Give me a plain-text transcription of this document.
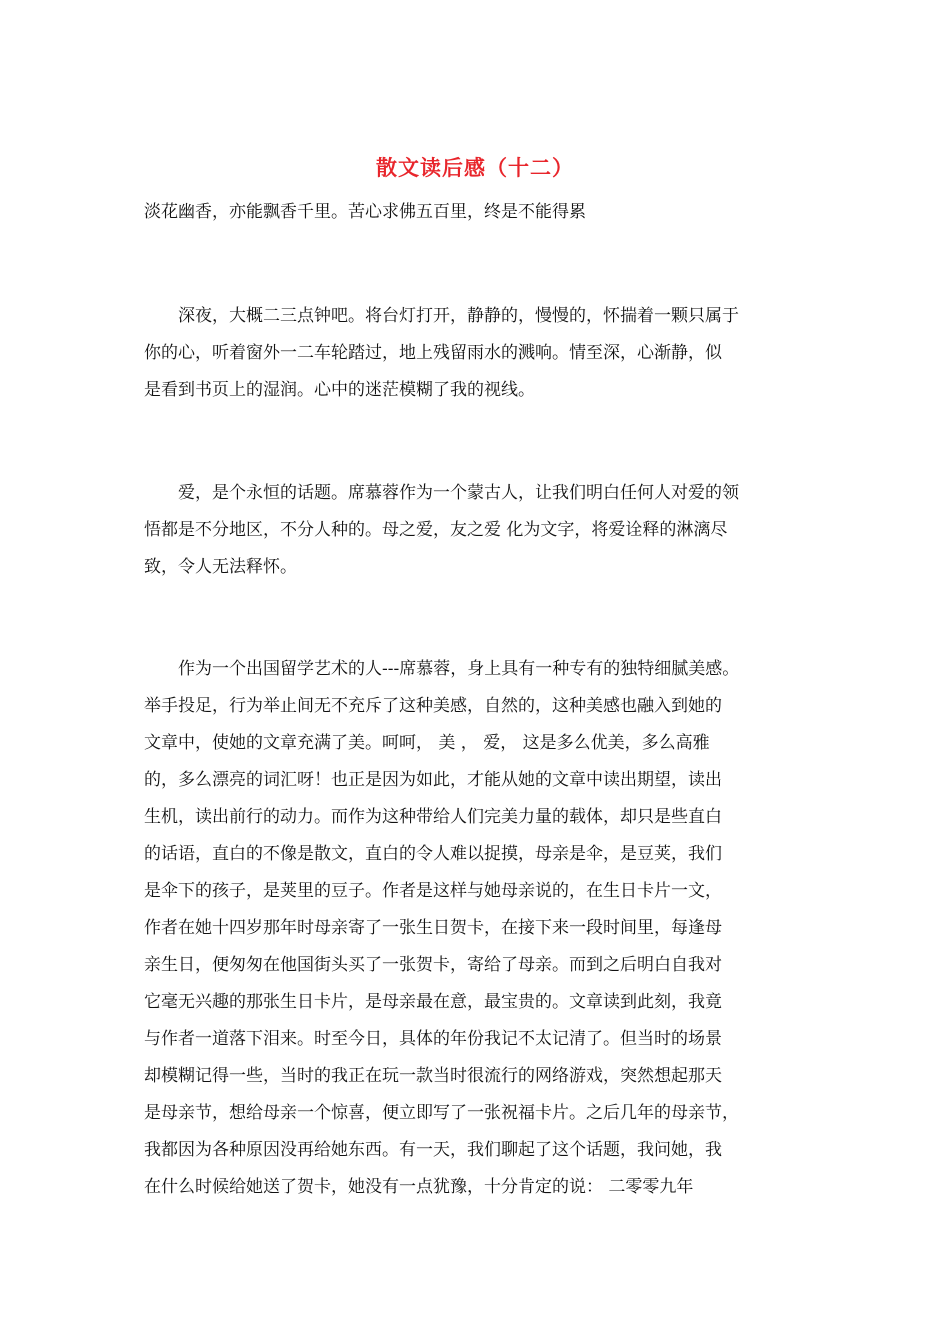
散文读后感（十二）
淡花幽香，亦能飘香千里。苦心求佛五百里，终是不能得累
　　深夜，大概二三点钟吧。将台灯打开，静静的，慢慢的，怀揣着一颗只属于
你的心，听着窗外一二车轮踏过，地上残留雨水的溅响。情至深，心渐静，似
是看到书页上的湿润。心中的迷茫模糊了我的视线。
　　爱，是个永恒的话题。席慕蓉作为一个蒙古人，让我们明白任何人对爱的领
悟都是不分地区，不分人种的。母之爱，友之爱 化为文字，将爱诠释的淋漓尽
致，令人无法释怀。
　　作为一个出国留学艺术的人---席慕蓉，身上具有一种专有的独特细腻美感。
举手投足，行为举止间无不充斥了这种美感，自然的，这种美感也融入到她的
文章中，使她的文章充满了美。呵呵， 美 ， 爱， 这是多么优美，多么高雅
的，多么漂亮的词汇呀！也正是因为如此，才能从她的文章中读出期望，读出
生机，读出前行的动力。而作为这种带给人们完美力量的载体，却只是些直白
的话语，直白的不像是散文，直白的令人难以捉摸，母亲是伞，是豆荚，我们
是伞下的孩子，是荚里的豆子。作者是这样与她母亲说的，在生日卡片一文，
作者在她十四岁那年时母亲寄了一张生日贺卡，在接下来一段时间里，每逢母
亲生日，便匆匆在他国街头买了一张贺卡，寄给了母亲。而到之后明白自我对
它毫无兴趣的那张生日卡片，是母亲最在意，最宝贵的。文章读到此刻，我竟
与作者一道落下泪来。时至今日，具体的年份我记不太记清了。但当时的场景
却模糊记得一些，当时的我正在玩一款当时很流行的网络游戏，突然想起那天
是母亲节，想给母亲一个惊喜，便立即写了一张祝福卡片。之后几年的母亲节，
我都因为各种原因没再给她东西。有一天，我们聊起了这个话题，我问她，我
在什么时候给她送了贺卡，她没有一点犹豫，十分肯定的说： 二零零九年
